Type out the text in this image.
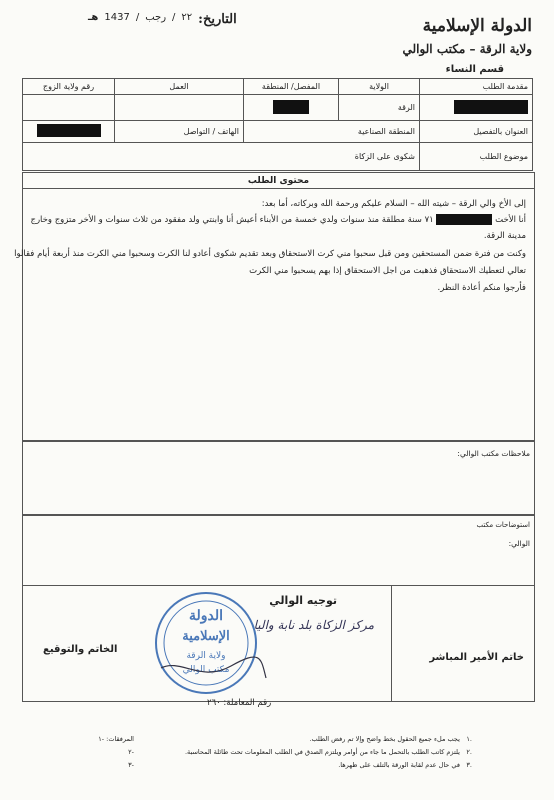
الدولة الإسلامية
ولاية الرقة – مكتب الوالي
قسم النساء
التاريخ:
٢٢
/
رجب
/
1437
هـ
مقدمة الطلب	الولاية	المفصل/ المنطقة	العمل	رقم ولاية الزوج
	الرقة			
العنوان بالتفصيل	المنطقة الصناعية		الهاتف / التواصل	
موضوع الطلب	شكوى على الزكاة			
محتوى الطلب

إلى الأخ والي الرقة – شيته الله – السلام عليكم ورحمة الله وبركاته، أما بعد:

أنا الأخت  ٧١ سنة مطلقة منذ سنوات ولدي خمسة من الأبناء أعيش أنا وابنتي ولد مفقود من ثلاث سنوات و الأخر متزوج وخارج

مدينة الرقة.

وكنت من فترة ضمن المستحقين ومن قبل سحبوا مني كرت الاستحقاق وبعد تقديم شكوى أعادو لنا الكرت وسحبوا مني الكرت منذ أربعة أيام فقالوا

تعالي لتعطيك الاستحقاق فذهبت من اجل الاستحقاق إذا بهم يسحبوا مني الكرت

فأرجوا منكم أعادة النظر.

ملاحظات مكتب الوالي:
استوضاحات مكتب
الوالي:
توجيه الوالي
مركز الزكاة بلد نابة واليا
خاتم الأمير المباشر
الخاتم والتوقيع
الدولة
الإسلامية
ولاية الرقة
مكتب الوالي
رقم المعاملة: ٢٦٠
.١ يجب ملء جميع الحقول بخط واضح وإلا تم رفض الطلب.
.٢ يلتزم كاتب الطلب بالتحمل ما جاء من أوامر ويلتزم الصدق في الطلب المعلومات تحت طائلة المحاسبة.
.٣ في حال عدم لقابة الورقة بالتلف على ظهرها.
المرفقات: -١
-٢
-٣
